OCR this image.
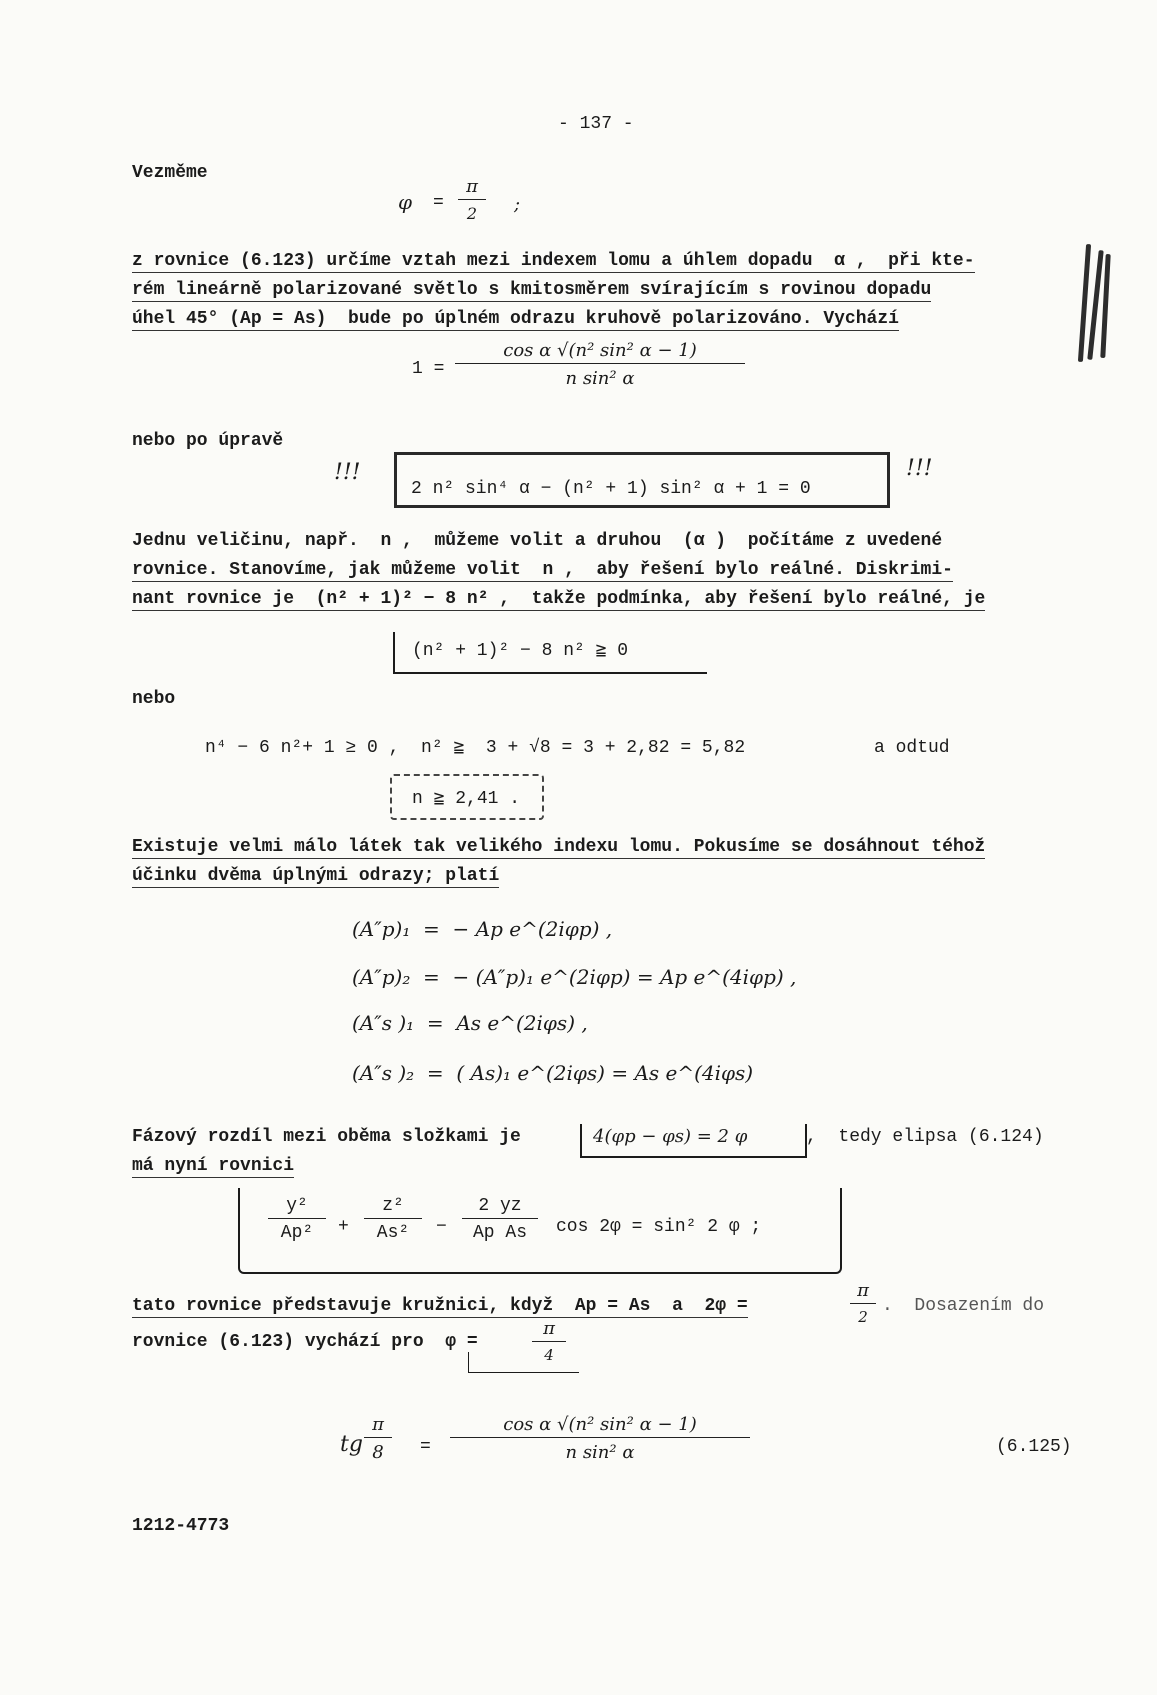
- 137 -
Vezměme
$\varphi = \frac{\pi}{2}$ ;
z rovnice (6.123) určíme vztah mezi indexem lomu a úhlem dopadu  α ,  při kte-
rém lineárně polarizované světlo s kmitosměrem svírajícím s rovinou dopadu
úhel 45° (Ap = As)  bude po úplném odrazu kruhově polarizováno. Vychází
$1 = \frac{\text{cos α √(n² sin² α − 1)}}{\text{n sin² α}}$
nebo po úpravě
!!!
2 n² sin⁴ α − (n² + 1) sin² α + 1 = 0
!!!
Jednu veličinu, např.  n ,  můžeme volit a druhou  (α )  počítáme z uvedené
rovnice. Stanovíme, jak můžeme volit  n ,  aby řešení bylo reálné. Diskrimi-
nant rovnice je  (n² + 1)² − 8 n² ,  takže podmínka, aby řešení bylo reálné, je
(n² + 1)² − 8 n² ≧ 0
nebo
n⁴ − 6 n²+ 1 ≥ 0 ,  n² ≧  3 + √8 = 3 + 2,82 = 5,82	a odtud
n ≧ 2,41 .
Existuje velmi málo látek tak velikého indexu lomu. Pokusíme se dosáhnout téhož
účinku dvěma úplnými odrazy; platí
(A″p)₁  =  − Ap e^(2iφp) ,
(A″p)₂  =  − (A″p)₁ e^(2iφp) = Ap e^(4iφp) ,
(A″s )₁  =  As e^(2iφs) ,
(A″s )₂  =  ( As)₁ e^(2iφs) = As e^(4iφs)
Fázový rozdíl mezi oběma složkami je	4(φp − φs) = 2 φ	,  tedy elipsa (6.124)
má nyní rovnici
$\frac{\text{y²}}{\text{Ap²}} + \frac{\text{z²}}{\text{As²}} - \frac{2 yz}{\text{Ap As}}$ cos 2φ = sin² 2 φ ;
tato rovnice představuje kružnici, když  Ap = As  a  2φ =
π
2
.  Dosazením do
rovnice (6.123) vychází pro  φ =
π
4
tg $\frac{\pi}{8} = \frac{\text{cos α √(n² sin² α − 1)}}{\text{n sin² α}}$	(6.125)
1212-4773
